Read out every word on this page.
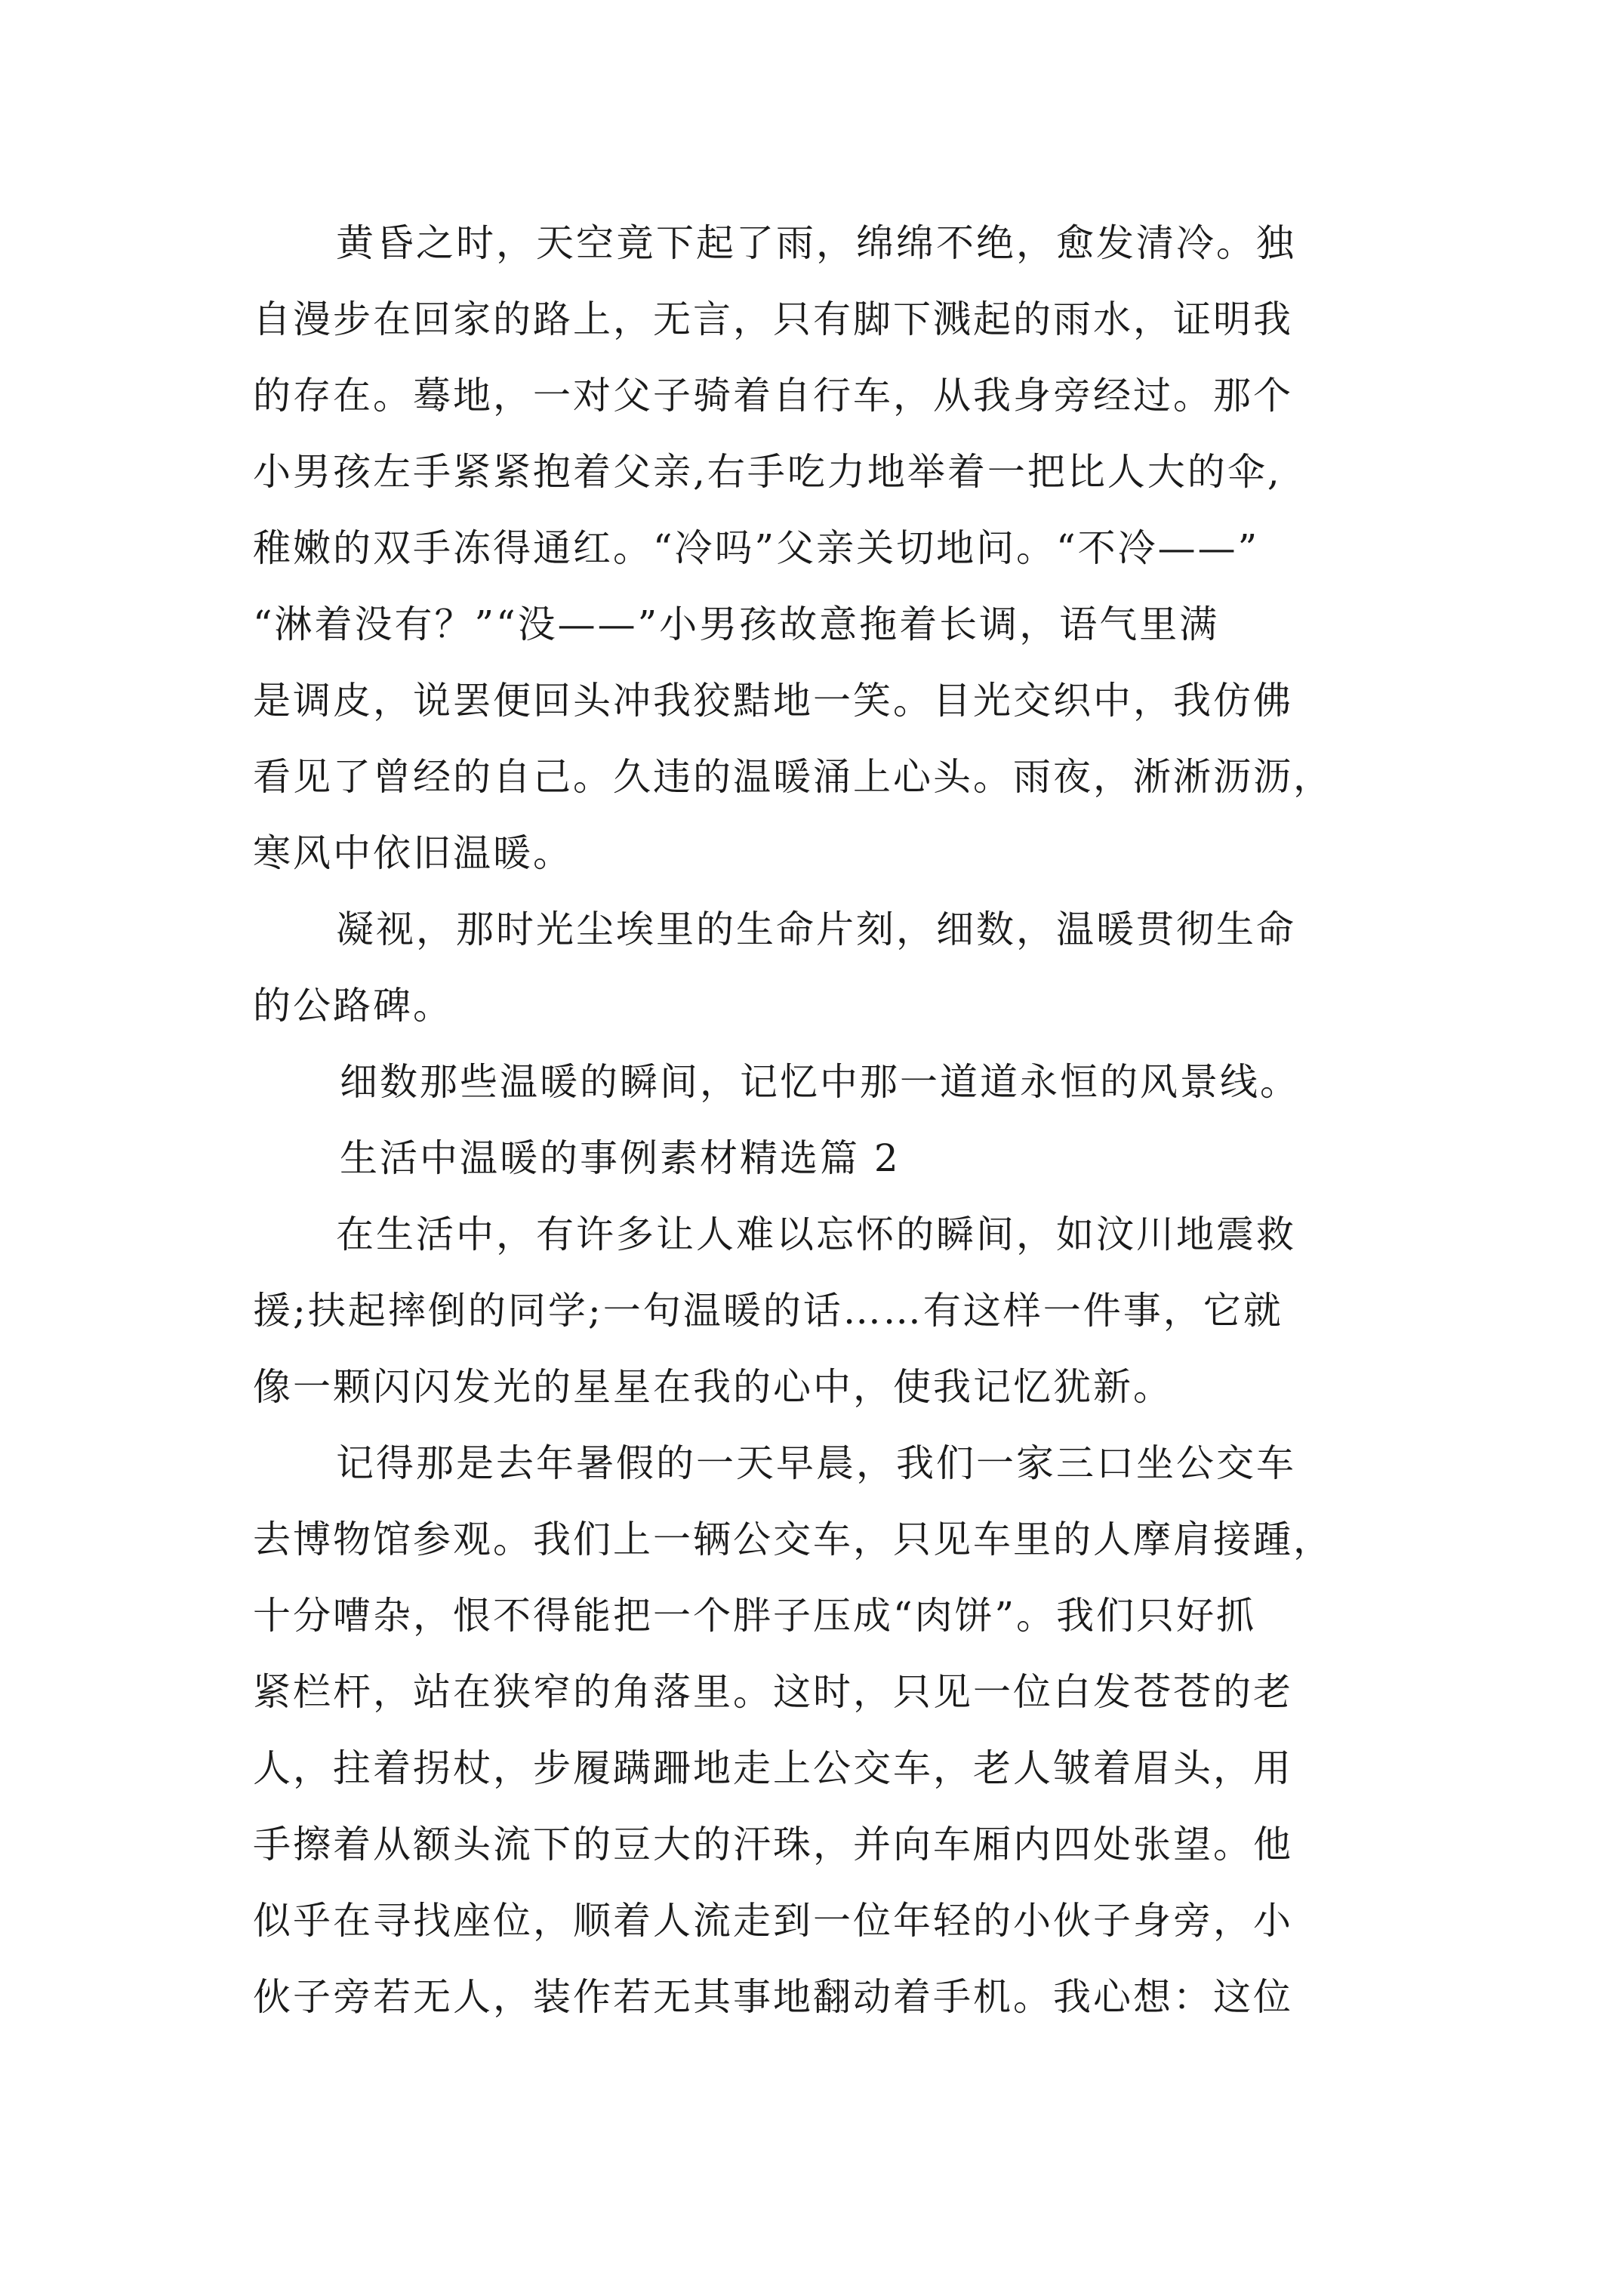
黄昏之时，天空竟下起了雨，绵绵不绝，愈发清冷。独
自漫步在回家的路上，无言，只有脚下溅起的雨水，证明我
的存在。蓦地，一对父子骑着自行车，从我身旁经过。那个
小男孩左手紧紧抱着父亲,右手吃力地举着一把比人大的伞,
稚嫩的双手冻得通红。“冷吗”父亲关切地问。“不冷——”
“淋着没有？”“没——”小男孩故意拖着长调，语气里满
是调皮，说罢便回头冲我狡黠地一笑。目光交织中，我仿佛
看见了曾经的自己。久违的温暖涌上心头。雨夜，淅淅沥沥，
寒风中依旧温暖。
凝视，那时光尘埃里的生命片刻，细数，温暖贯彻生命
的公路碑。
细数那些温暖的瞬间，记忆中那一道道永恒的风景线。
生活中温暖的事例素材精选篇 2
在生活中，有许多让人难以忘怀的瞬间，如汶川地震救
援;扶起摔倒的同学;一句温暖的话……有这样一件事，它就
像一颗闪闪发光的星星在我的心中，使我记忆犹新。
记得那是去年暑假的一天早晨，我们一家三口坐公交车
去博物馆参观。我们上一辆公交车，只见车里的人摩肩接踵，
十分嘈杂，恨不得能把一个胖子压成“肉饼”。我们只好抓
紧栏杆，站在狭窄的角落里。这时，只见一位白发苍苍的老
人，拄着拐杖，步履蹒跚地走上公交车，老人皱着眉头，用
手擦着从额头流下的豆大的汗珠，并向车厢内四处张望。他
似乎在寻找座位，顺着人流走到一位年轻的小伙子身旁，小
伙子旁若无人，装作若无其事地翻动着手机。我心想：这位
